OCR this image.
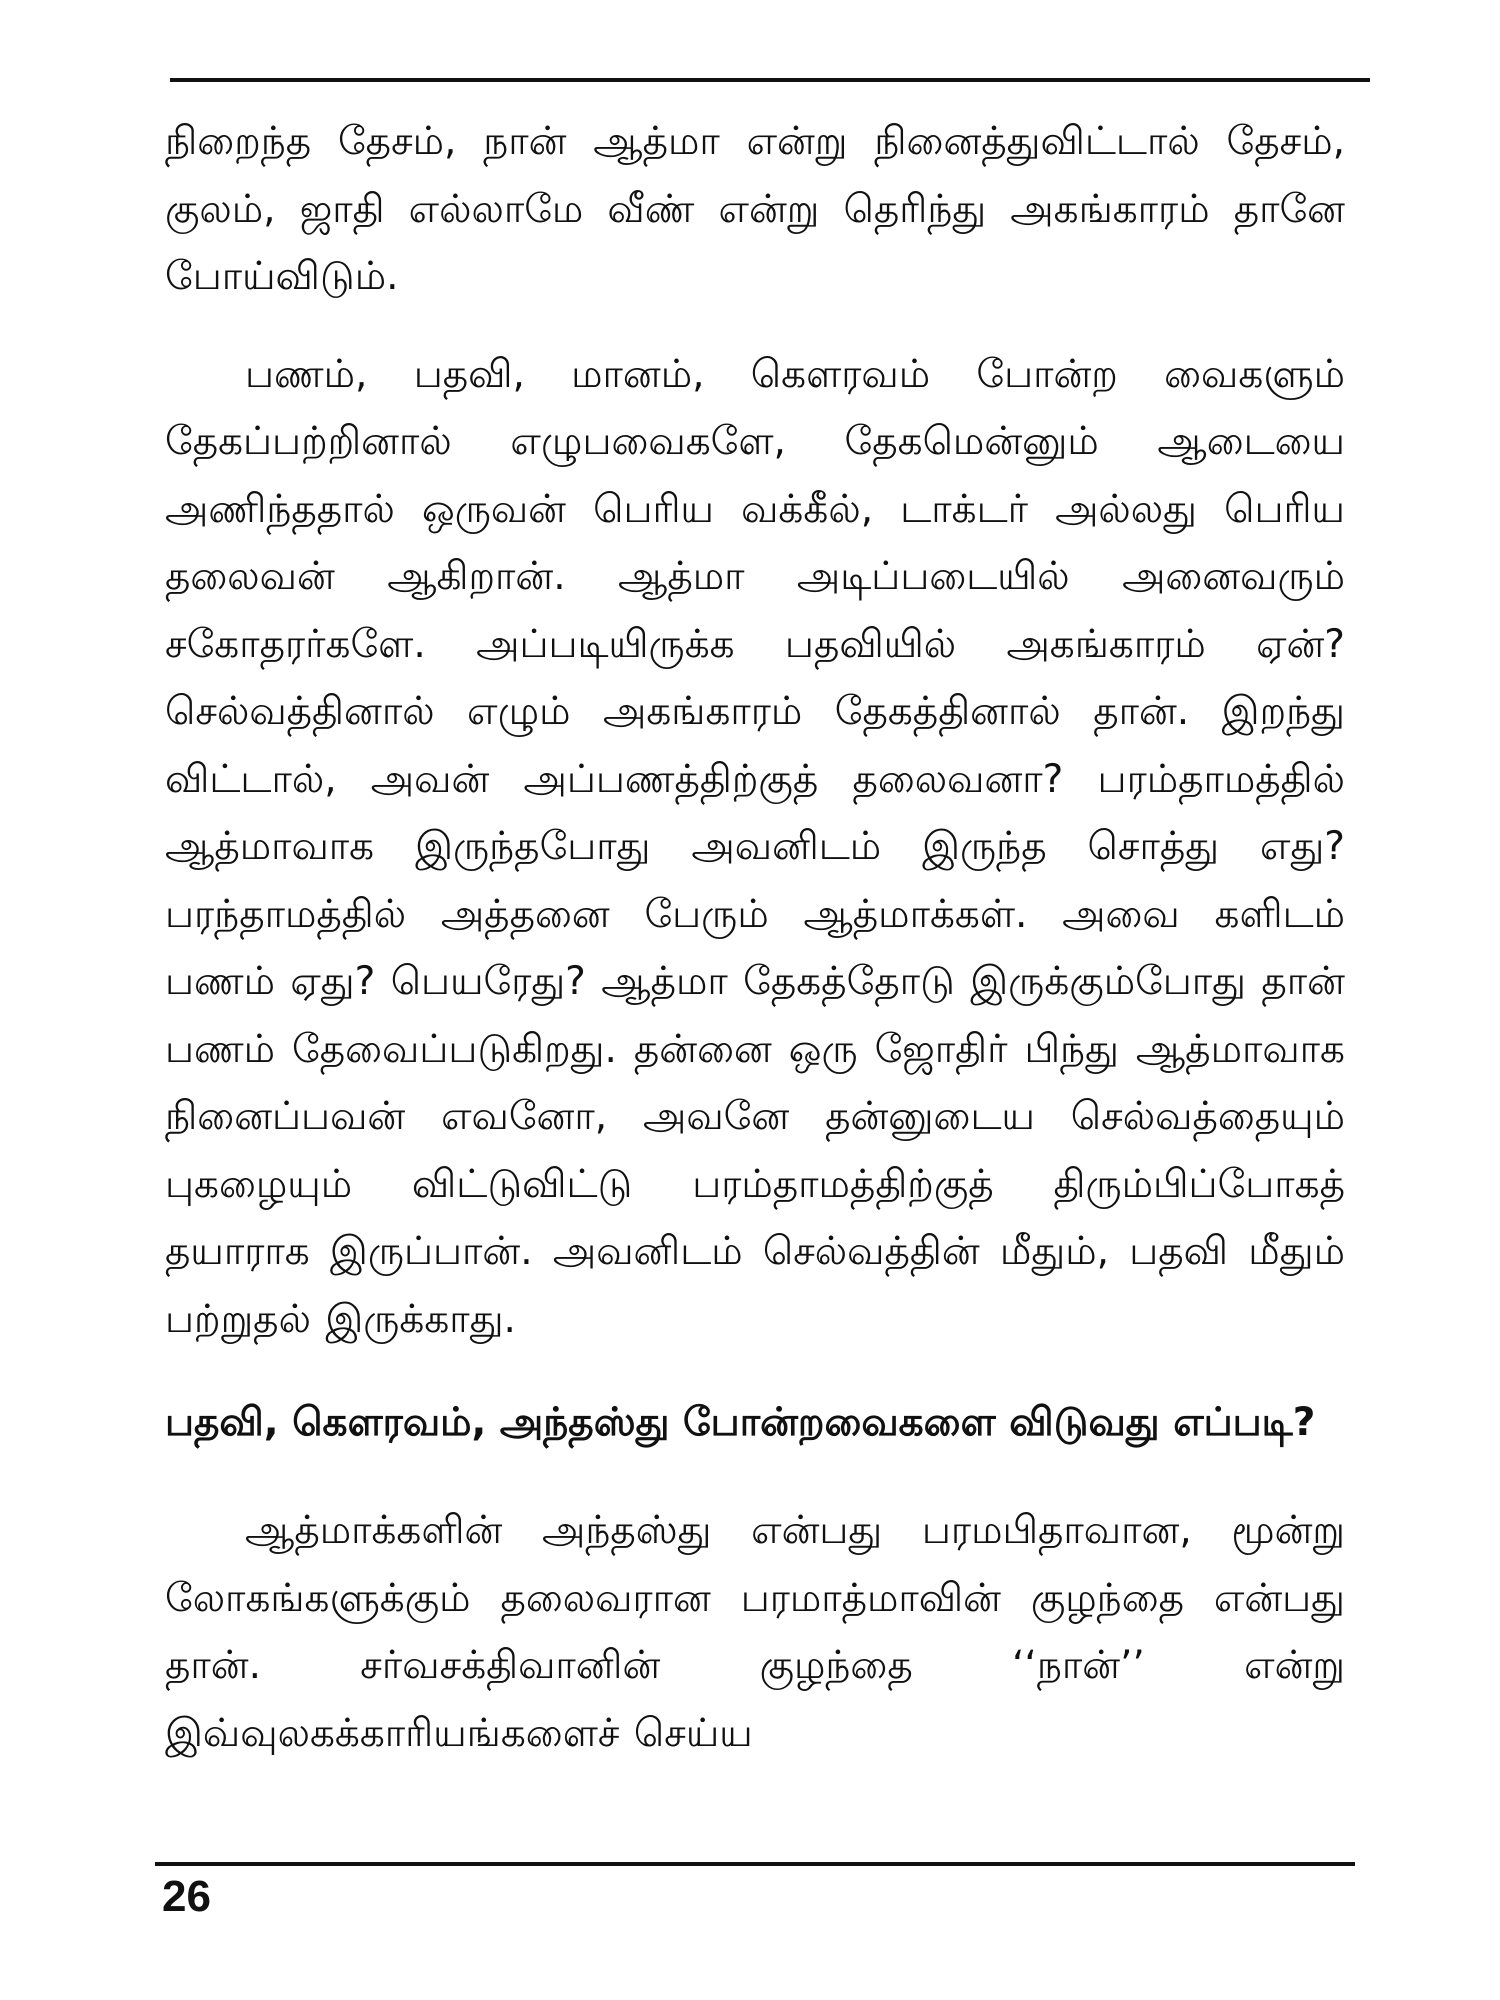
நிறைந்த தேசம், நான் ஆத்மா என்று நினைத்துவிட்டால் தேசம், குலம், ஜாதி எல்லாமே வீண் என்று தெரிந்து அகங்காரம் தானே போய்விடும்.

பணம், பதவி, மானம், கௌரவம் போன்ற வைகளும் தேகப்பற்றினால் எழுபவைகளே, தேகமென்னும் ஆடையை அணிந்ததால் ஒருவன் பெரிய வக்கீல், டாக்டர் அல்லது பெரிய தலைவன் ஆகிறான். ஆத்மா அடிப்படையில் அனைவரும் சகோதரர்களே. அப்படியிருக்க பதவியில் அகங்காரம் ஏன்? செல்வத்தினால் எழும் அகங்காரம் தேகத்தினால் தான். இறந்து விட்டால், அவன் அப்பணத்திற்குத் தலைவனா? பரம்தாமத்தில் ஆத்மாவாக இருந்தபோது அவனிடம் இருந்த சொத்து எது? பரந்தாமத்தில் அத்தனை பேரும் ஆத்மாக்கள். அவை களிடம் பணம் ஏது? பெயரேது? ஆத்மா தேகத்தோடு இருக்கும்போது தான் பணம் தேவைப்படுகிறது. தன்னை ஒரு ஜோதிர் பிந்து ஆத்மாவாக நினைப்பவன் எவனோ, அவனே தன்னுடைய செல்வத்தையும் புகழையும் விட்டுவிட்டு பரம்தாமத்திற்குத் திரும்பிப்போகத் தயாராக இருப்பான். அவனிடம் செல்வத்தின் மீதும், பதவி மீதும் பற்றுதல் இருக்காது.

பதவி, கௌரவம், அந்தஸ்து போன்றவைகளை விடுவது எப்படி?

ஆத்மாக்களின் அந்தஸ்து என்பது பரமபிதாவான, மூன்று லோகங்களுக்கும் தலைவரான பரமாத்மாவின் குழந்தை என்பது தான். சர்வசக்திவானின் குழந்தை ‘‘நான்’’ என்று இவ்வுலகக்காரியங்களைச் செய்ய

26
